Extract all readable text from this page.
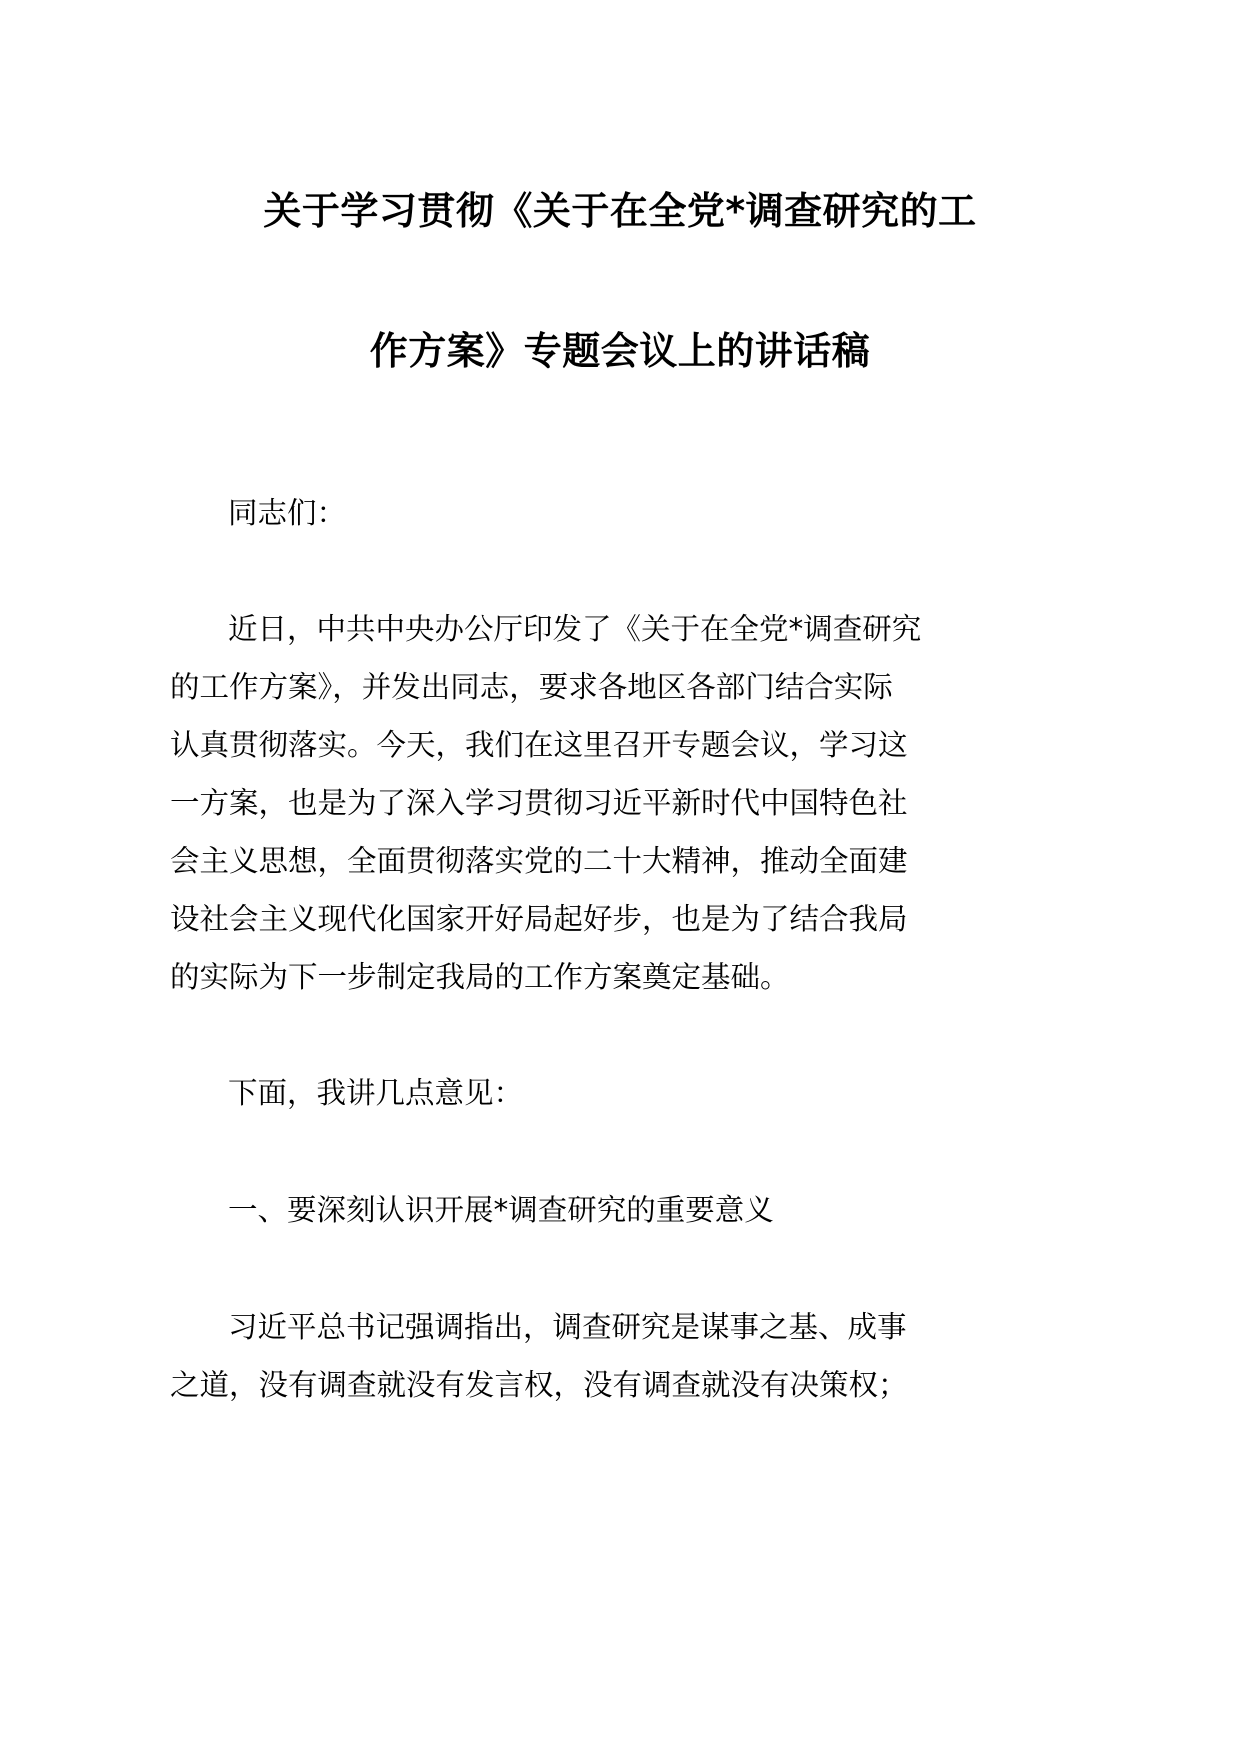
关于学习贯彻《关于在全党*调查研究的工
作方案》专题会议上的讲话稿

同志们：

近日，中共中央办公厅印发了《关于在全党*调查研究

的工作方案》，并发出同志，要求各地区各部门结合实际

认真贯彻落实。今天，我们在这里召开专题会议，学习这

一方案，也是为了深入学习贯彻习近平新时代中国特色社

会主义思想，全面贯彻落实党的二十大精神，推动全面建

设社会主义现代化国家开好局起好步，也是为了结合我局

的实际为下一步制定我局的工作方案奠定基础。

下面，我讲几点意见：

一、要深刻认识开展*调查研究的重要意义

习近平总书记强调指出，调查研究是谋事之基、成事

之道，没有调查就没有发言权，没有调查就没有决策权；
